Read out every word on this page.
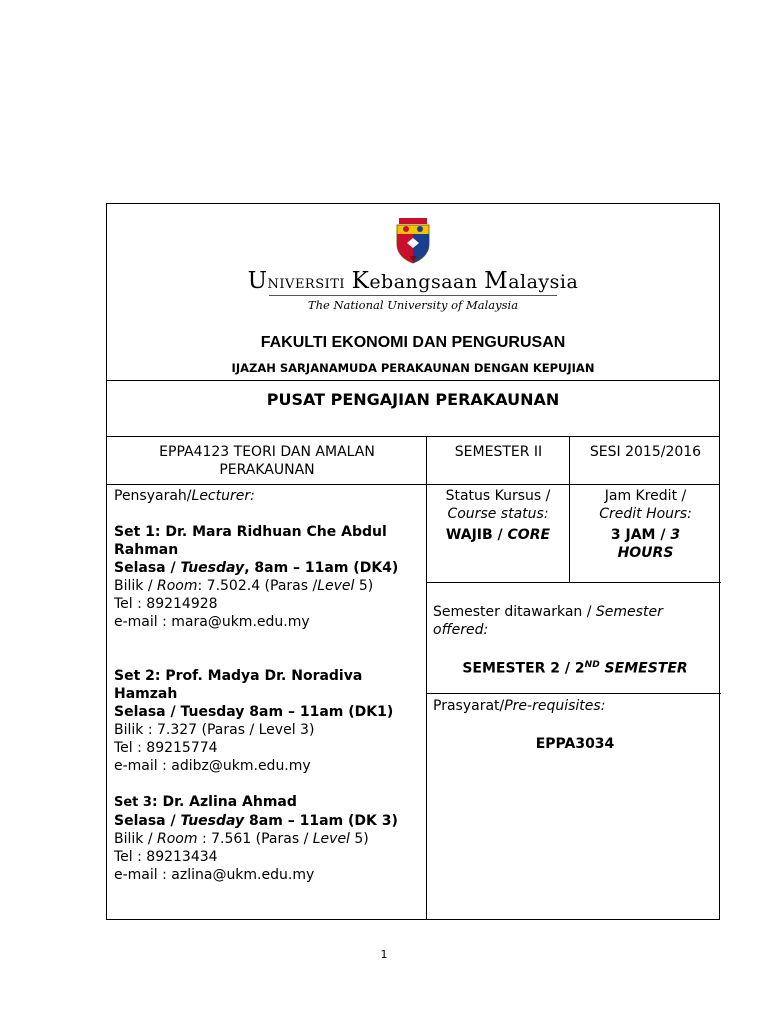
Universiti Kebangsaan Malaysia
The National University of Malaysia
FAKULTI EKONOMI DAN PENGURUSAN
IJAZAH SARJANAMUDA PERAKAUNAN DENGAN KEPUJIAN
PUSAT PENGAJIAN PERAKAUNAN
EPPA4123 TEORI DAN AMALAN PERAKAUNAN
SEMESTER II	SESI 2015/2016

Pensyarah/Lecturer:

Set 1: Dr. Mara Ridhuan Che Abdul Rahman

Selasa / Tuesday, 8am – 11am (DK4)

Bilik / Room: 7.502.4 (Paras /Level 5)

Tel : 89214928

e-mail : mara@ukm.edu.my

Set 2: Prof. Madya Dr. Noradiva Hamzah

Selasa / Tuesday 8am – 11am (DK1)

Bilik : 7.327 (Paras / Level 3)

Tel : 89215774

e-mail : adibz@ukm.edu.my

Set 3: Dr. Azlina Ahmad

Selasa / Tuesday 8am – 11am (DK 3)

Bilik / Room : 7.561 (Paras / Level 5)

Tel : 89213434

e-mail : azlina@ukm.edu.my

Status Kursus /

Course status:

WAJIB / CORE

Jam Kredit /

Credit Hours:

3 JAM / 3 HOURS

Semester ditawarkan / Semester offered:

SEMESTER 2 / 2ND SEMESTER

Prasyarat/Pre-requisites:

EPPA3034

1
